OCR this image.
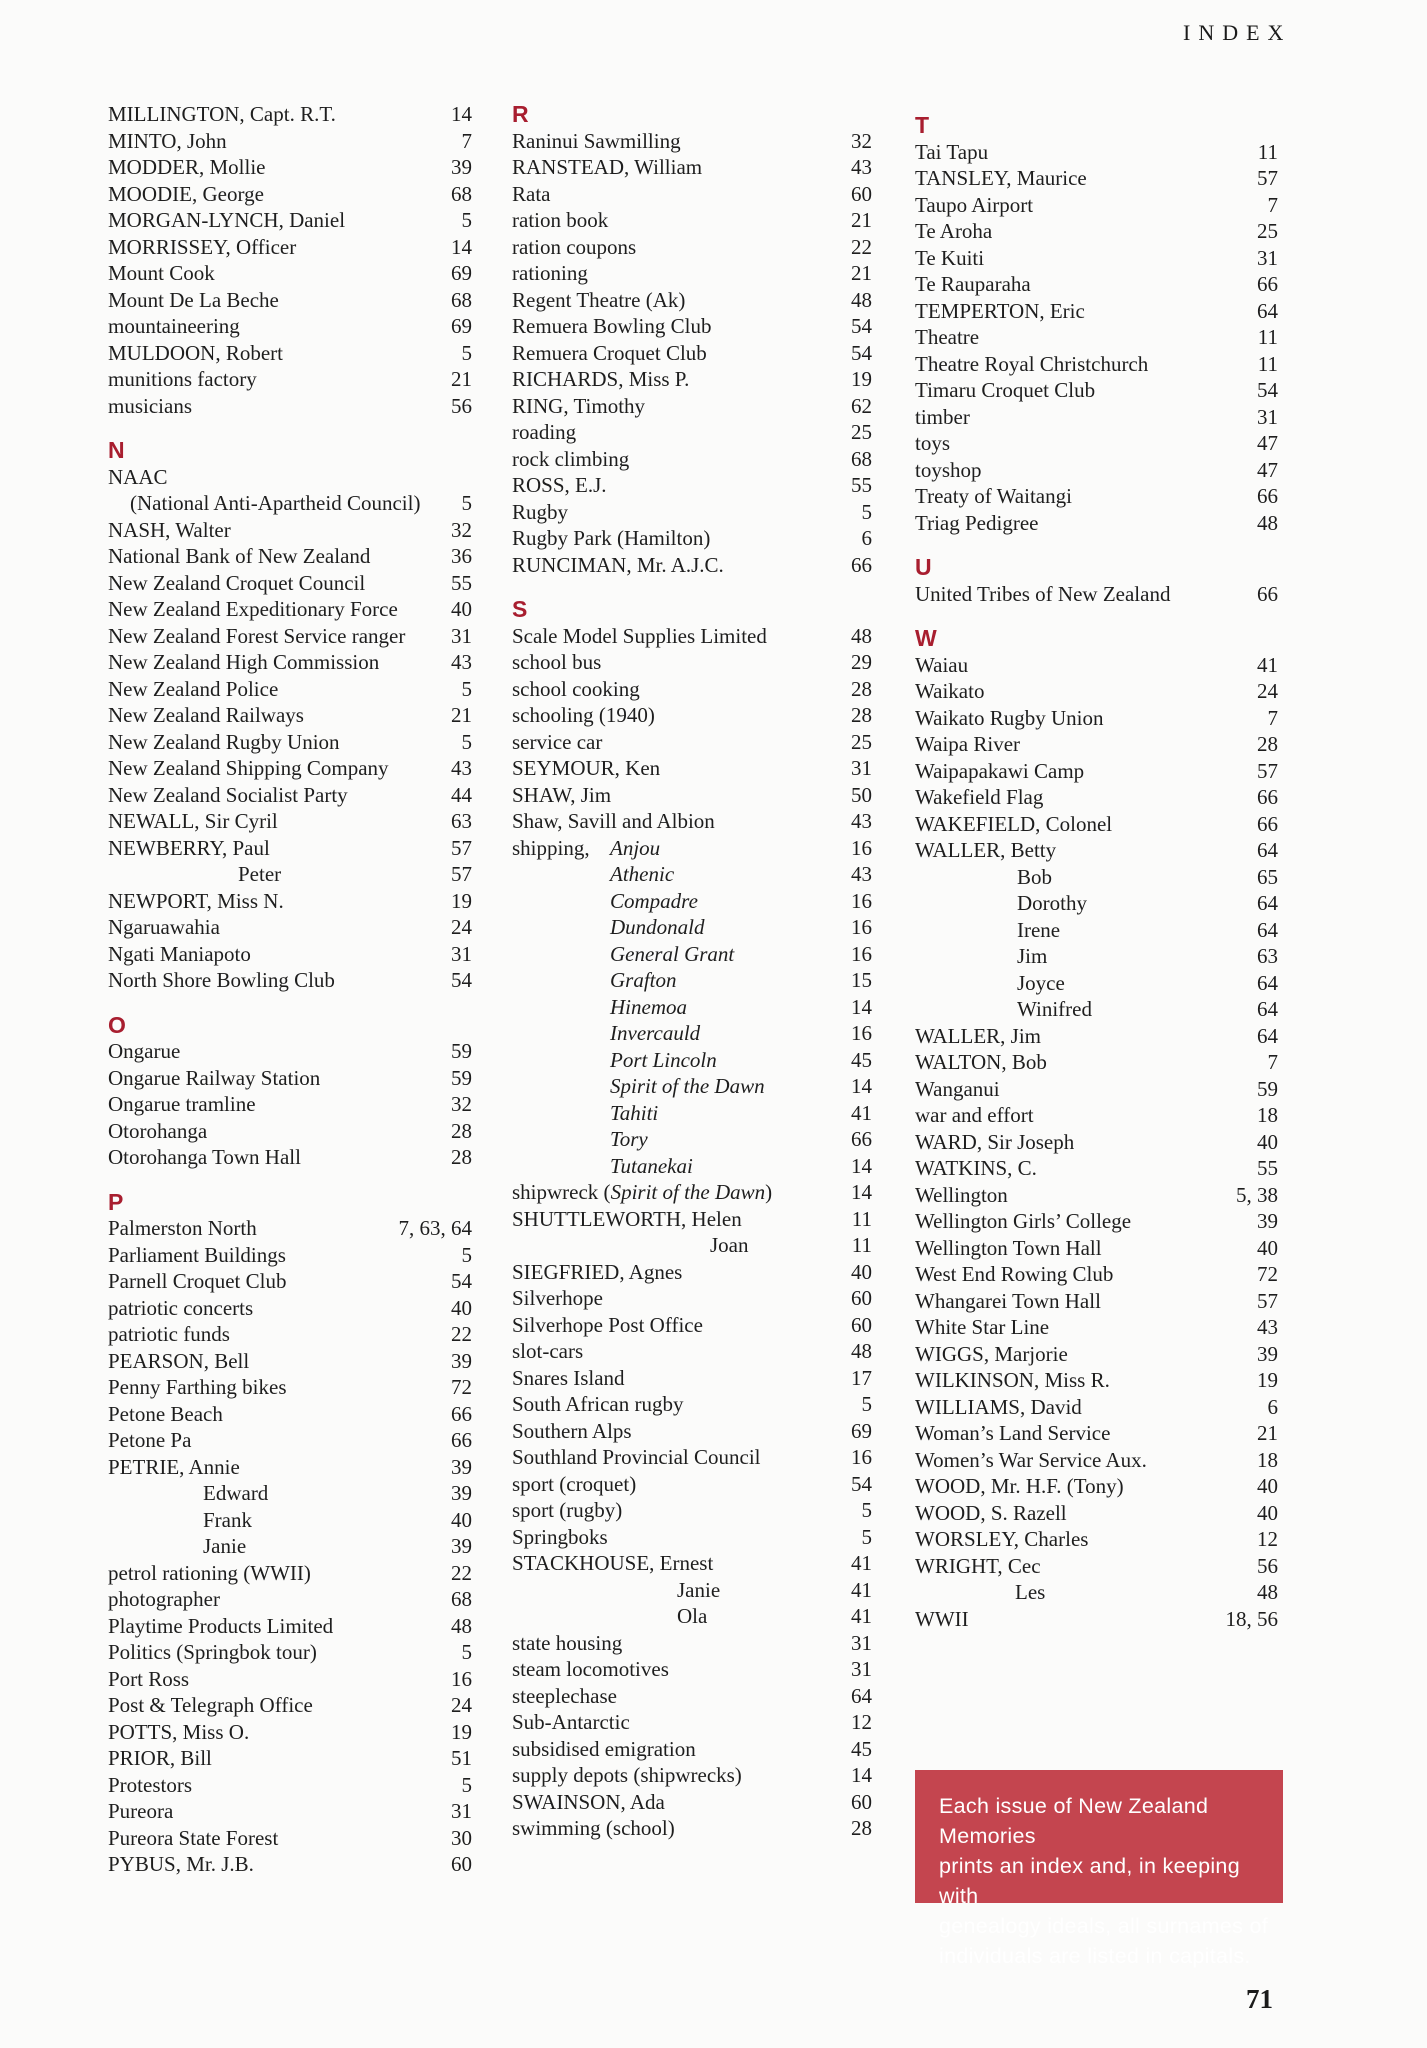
INDEX
MILLINGTON, Capt. R.T.	14
MINTO, John	7
MODDER, Mollie	39
MOODIE, George	68
MORGAN-LYNCH, Daniel	5
MORRISSEY, Officer	14
Mount Cook	69
Mount De La Beche	68
mountaineering	69
MULDOON, Robert	5
munitions factory	21
musicians	56
N
NAAC
(National Anti-Apartheid Council)	5
NASH, Walter	32
National Bank of New Zealand	36
New Zealand Croquet Council	55
New Zealand Expeditionary Force	40
New Zealand Forest Service ranger	31
New Zealand High Commission	43
New Zealand Police	5
New Zealand Railways	21
New Zealand Rugby Union	5
New Zealand Shipping Company	43
New Zealand Socialist Party	44
NEWALL, Sir Cyril	63
NEWBERRY, Paul	57
Peter	57
NEWPORT, Miss N.	19
Ngaruawahia	24
Ngati Maniapoto	31
North Shore Bowling Club	54
O
Ongarue	59
Ongarue Railway Station	59
Ongarue tramline	32
Otorohanga	28
Otorohanga Town Hall	28
P
Palmerston North	7, 63, 64
Parliament Buildings	5
Parnell Croquet Club	54
patriotic concerts	40
patriotic funds	22
PEARSON, Bell	39
Penny Farthing bikes	72
Petone Beach	66
Petone Pa	66
PETRIE, Annie	39
Edward	39
Frank	40
Janie	39
petrol rationing (WWII)	22
photographer	68
Playtime Products Limited	48
Politics (Springbok tour)	5
Port Ross	16
Post & Telegraph Office	24
POTTS, Miss O.	19
PRIOR, Bill	51
Protestors	5
Pureora	31
Pureora State Forest	30
PYBUS, Mr. J.B.	60
R
Raninui Sawmilling	32
RANSTEAD, William	43
Rata	60
ration book	21
ration coupons	22
rationing	21
Regent Theatre (Ak)	48
Remuera Bowling Club	54
Remuera Croquet Club	54
RICHARDS, Miss P.	19
RING, Timothy	62
roading	25
rock climbing	68
ROSS, E.J.	55
Rugby	5
Rugby Park (Hamilton)	6
RUNCIMAN, Mr. A.J.C.	66
S
Scale Model Supplies Limited	48
school bus	29
school cooking	28
schooling (1940)	28
service car	25
SEYMOUR, Ken	31
SHAW, Jim	50
Shaw, Savill and Albion	43
shipping, Anjou	16
Athenic	43
Compadre	16
Dundonald	16
General Grant	16
Grafton	15
Hinemoa	14
Invercauld	16
Port Lincoln	45
Spirit of the Dawn	14
Tahiti	41
Tory	66
Tutanekai	14
shipwreck (Spirit of the Dawn)	14
SHUTTLEWORTH, Helen	11
Joan	11
SIEGFRIED, Agnes	40
Silverhope	60
Silverhope Post Office	60
slot-cars	48
Snares Island	17
South African rugby	5
Southern Alps	69
Southland Provincial Council	16
sport (croquet)	54
sport (rugby)	5
Springboks	5
STACKHOUSE, Ernest	41
Janie	41
Ola	41
state housing	31
steam locomotives	31
steeplechase	64
Sub-Antarctic	12
subsidised emigration	45
supply depots (shipwrecks)	14
SWAINSON, Ada	60
swimming (school)	28
T
Tai Tapu	11
TANSLEY, Maurice	57
Taupo Airport	7
Te Aroha	25
Te Kuiti	31
Te Rauparaha	66
TEMPERTON, Eric	64
Theatre	11
Theatre Royal Christchurch	11
Timaru Croquet Club	54
timber	31
toys	47
toyshop	47
Treaty of Waitangi	66
Triag Pedigree	48
U
United Tribes of New Zealand	66
W
Waiau	41
Waikato	24
Waikato Rugby Union	7
Waipa River	28
Waipapakawi Camp	57
Wakefield Flag	66
WAKEFIELD, Colonel	66
WALLER, Betty	64
Bob	65
Dorothy	64
Irene	64
Jim	63
Joyce	64
Winifred	64
WALLER, Jim	64
WALTON, Bob	7
Wanganui	59
war and effort	18
WARD, Sir Joseph	40
WATKINS, C.	55
Wellington	5, 38
Wellington Girls’ College	39
Wellington Town Hall	40
West End Rowing Club	72
Whangarei Town Hall	57
White Star Line	43
WIGGS, Marjorie	39
WILKINSON, Miss R.	19
WILLIAMS, David	6
Woman’s Land Service	21
Women’s War Service Aux.	18
WOOD, Mr. H.F. (Tony)	40
WOOD, S. Razell	40
WORSLEY, Charles	12
WRIGHT, Cec	56
Les	48
WWII	18, 56
Each issue of New Zealand Memories
prints an index and, in keeping with
genealogy ideals, all surnames of
individuals are listed in capitals.
71
